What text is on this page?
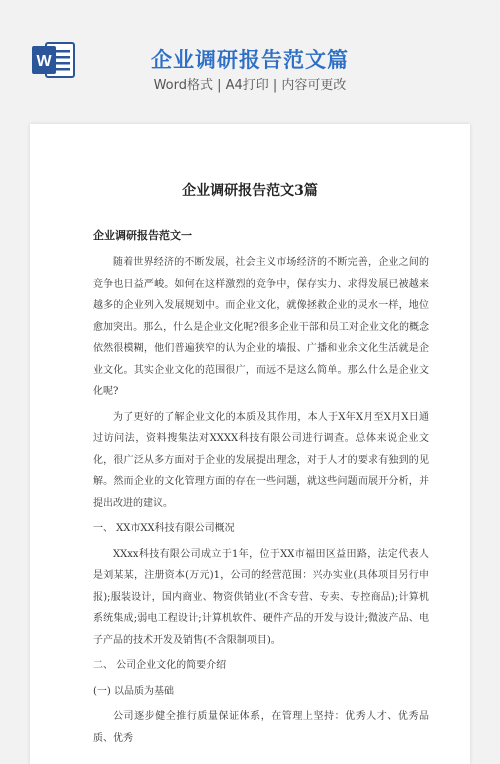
W	企业调研报告范文篇
Word格式 | A4打印 | 内容可更改
企业调研报告范文3篇
企业调研报告范文一

随着世界经济的不断发展，社会主义市场经济的不断完善，企业之间的竞争也日益严峻。如何在这样激烈的竞争中，保存实力、求得发展已被越来越多的企业列入发展规划中。而企业文化，就像拯救企业的灵水一样，地位愈加突出。那么，什么是企业文化呢?很多企业干部和员工对企业文化的概念依然很模糊，他们普遍狭窄的认为企业的墙报、广播和业余文化生活就是企业文化。其实企业文化的范围很广，而远不是这么简单。那么什么是企业文化呢?

为了更好的了解企业文化的本质及其作用，本人于X年X月至X月X日通过访问法，资料搜集法对XXXX科技有限公司进行调查。总体来说企业文化，很广泛从多方面对于企业的发展提出理念，对于人才的要求有独到的见解。然而企业的文化管理方面的存在一些问题，就这些问题而展开分析，并提出改进的建议。

一、 XX市XX科技有限公司概况

XXxx科技有限公司成立于1年，位于XX市福田区益田路，法定代表人是刘某某，注册资本(万元)1，公司的经营范围：兴办实业(具体项目另行申报);服装设计，国内商业、物资供销业(不含专营、专卖、专控商品);计算机系统集成;弱电工程设计;计算机软件、硬件产品的开发与设计;微波产品、电子产品的技术开发及销售(不含限制项目)。

二、 公司企业文化的简要介绍

(一) 以品质为基础

公司逐步健全推行质量保证体系，在管理上坚持：优秀人才、优秀品质、优秀
